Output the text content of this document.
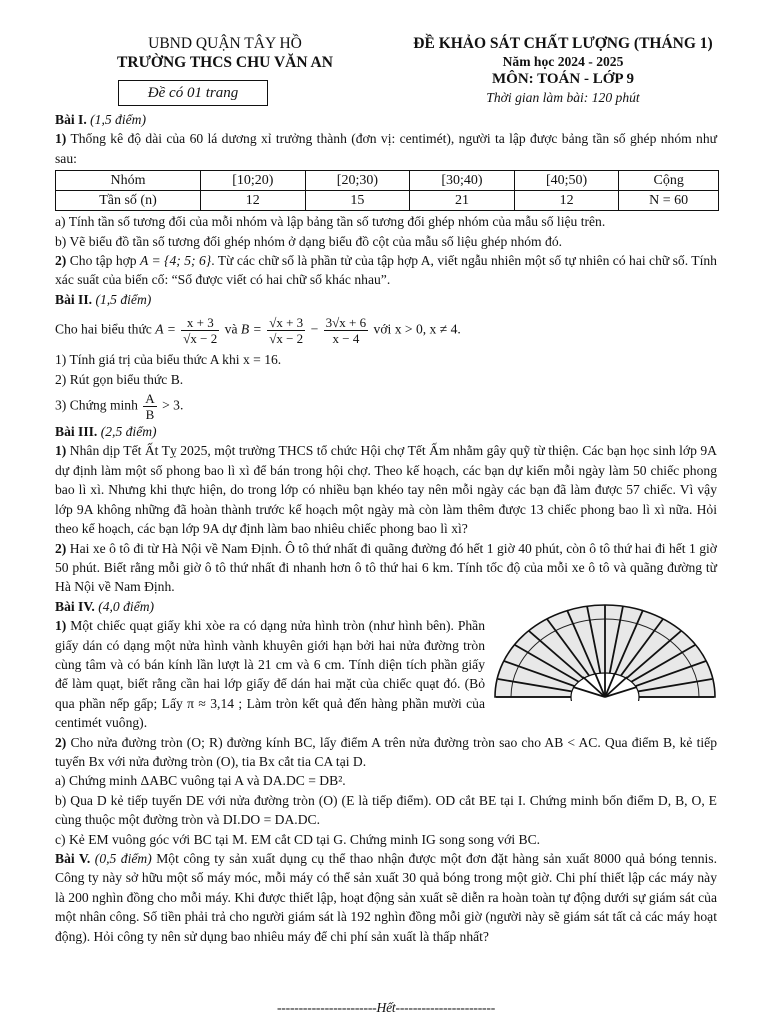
UBND QUẬN TÂY HỒ
TRƯỜNG THCS CHU VĂN AN
Đề có 01 trang
ĐỀ KHẢO SÁT CHẤT LƯỢNG (THÁNG 1)
Năm học 2024 - 2025
MÔN: TOÁN - LỚP 9
Thời gian làm bài: 120 phút
Bài I. (1,5 điểm)

1) Thống kê độ dài của 60 lá dương xỉ trưởng thành (đơn vị: centimét), người ta lập được bảng tần số ghép nhóm như sau:

Nhóm	[10;20)	[20;30)	[30;40)	[40;50)	Cộng
Tần số (n)	12	15	21	12	N = 60

a) Tính tần số tương đối của mỗi nhóm và lập bảng tần số tương đối ghép nhóm của mẫu số liệu trên.

b) Vẽ biểu đồ tần số tương đối ghép nhóm ở dạng biểu đồ cột của mẫu số liệu ghép nhóm đó.

2) Cho tập hợp A = {4; 5; 6}. Từ các chữ số là phần tử của tập hợp A, viết ngẫu nhiên một số tự nhiên có hai chữ số. Tính xác suất của biến cố: “Số được viết có hai chữ số khác nhau”.

Bài II. (1,5 điểm)

Cho hai biểu thức $A = \frac{x + 3}{√x - 2}$ và $B = \frac{√x + 3}{√x - 2} - \frac{3√x + 6}{x - 4}$ với x > 0, x ≠ 4.

1) Tính giá trị của biểu thức A khi x = 16.

2) Rút gọn biểu thức B.

3) Chứng minh $\frac{A}{B} > 3$.

Bài III. (2,5 điểm)

1) Nhân dịp Tết Ất Tỵ 2025, một trường THCS tổ chức Hội chợ Tết Ấm nhằm gây quỹ từ thiện. Các bạn học sinh lớp 9A dự định làm một số phong bao lì xì để bán trong hội chợ. Theo kế hoạch, các bạn dự kiến mỗi ngày làm 50 chiếc phong bao lì xì. Nhưng khi thực hiện, do trong lớp có nhiều bạn khéo tay nên mỗi ngày các bạn đã làm được 57 chiếc. Vì vậy lớp 9A không những đã hoàn thành trước kế hoạch một ngày mà còn làm thêm được 13 chiếc phong bao lì xì nữa. Hỏi theo kế hoạch, các bạn lớp 9A dự định làm bao nhiêu chiếc phong bao lì xì?

2) Hai xe ô tô đi từ Hà Nội về Nam Định. Ô tô thứ nhất đi quãng đường đó hết 1 giờ 40 phút, còn ô tô thứ hai đi hết 1 giờ 50 phút. Biết rằng mỗi giờ ô tô thứ nhất đi nhanh hơn ô tô thứ hai 6 km. Tính tốc độ của mỗi xe ô tô và quãng đường từ Hà Nội về Nam Định.

Bài IV. (4,0 điểm)

1) Một chiếc quạt giấy khi xòe ra có dạng nửa hình tròn (như hình bên). Phần giấy dán có dạng một nửa hình vành khuyên giới hạn bởi hai nửa đường tròn cùng tâm và có bán kính lần lượt là 21 cm và 6 cm. Tính diện tích phần giấy để làm quạt, biết rằng cần hai lớp giấy để dán hai mặt của chiếc quạt đó. (Bỏ qua phần nếp gấp; Lấy π ≈ 3,14 ; Làm tròn kết quả đến hàng phần mười của centimét vuông).

2) Cho nửa đường tròn (O; R) đường kính BC, lấy điểm A trên nửa đường tròn sao cho AB < AC. Qua điểm B, kẻ tiếp tuyến Bx với nửa đường tròn (O), tia Bx cắt tia CA tại D.

a) Chứng minh ΔABC vuông tại A và DA.DC = DB².

b) Qua D kẻ tiếp tuyến DE với nửa đường tròn (O) (E là tiếp điểm). OD cắt BE tại I. Chứng minh bốn điểm D, B, O, E cùng thuộc một đường tròn và DI.DO = DA.DC.

c) Kẻ EM vuông góc với BC tại M. EM cắt CD tại G. Chứng minh IG song song với BC.

Bài V. (0,5 điểm) Một công ty sản xuất dụng cụ thể thao nhận được một đơn đặt hàng sản xuất 8000 quả bóng tennis. Công ty này sở hữu một số máy móc, mỗi máy có thể sản xuất 30 quả bóng trong một giờ. Chi phí thiết lập các máy này là 200 nghìn đồng cho mỗi máy. Khi được thiết lập, hoạt động sản xuất sẽ diễn ra hoàn toàn tự động dưới sự giám sát của một nhân công. Số tiền phải trả cho người giám sát là 192 nghìn đồng mỗi giờ (người này sẽ giám sát tất cả các máy hoạt động). Hỏi công ty nên sử dụng bao nhiêu máy để chi phí sản xuất là thấp nhất?

-----------------------Hết-----------------------
